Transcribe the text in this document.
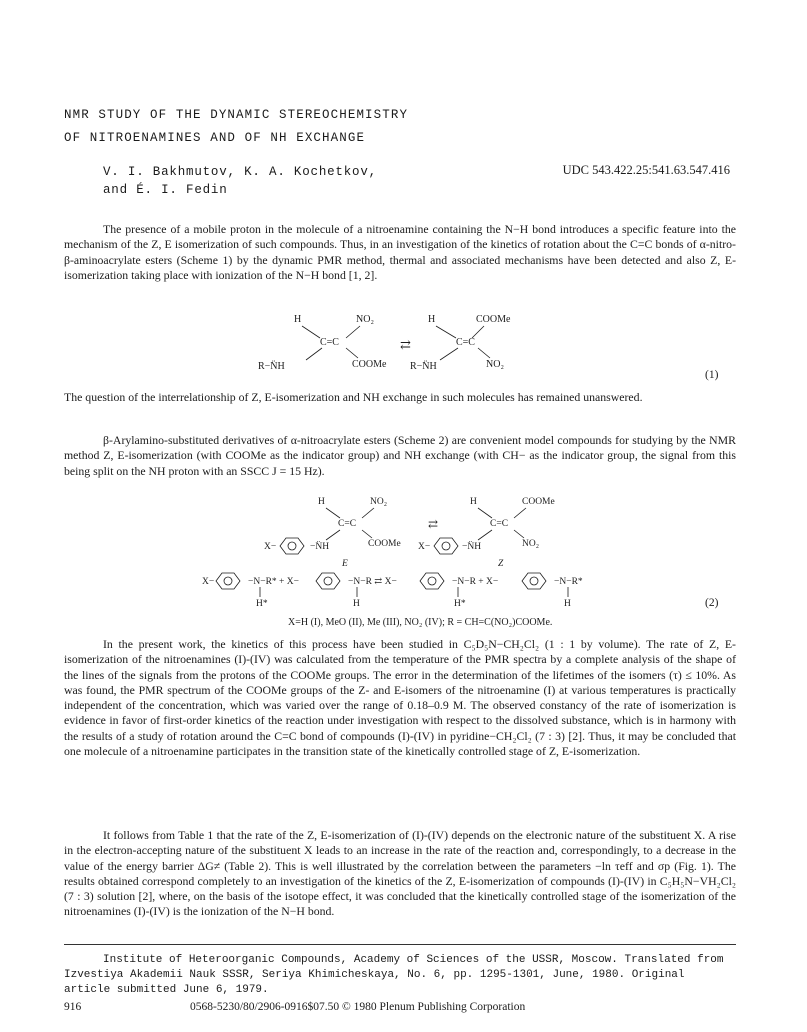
NMR STUDY OF THE DYNAMIC STEREOCHEMISTRY
OF NITROENAMINES AND OF NH EXCHANGE
V. I. Bakhmutov, K. A. Kochetkov,
and É. I. Fedin
UDC 543.422.25:541.63.547.416

The presence of a mobile proton in the molecule of a nitroenamine containing the N−H bond introduces a specific feature into the mechanism of the Z, E isomerization of such compounds. Thus, in an investigation of the kinetics of rotation about the C=C bonds of α-nitro-β-aminoacrylate esters (Scheme 1) by the dynamic PMR method, thermal and associated mechanisms have been detected and also Z, E-isomerization taking place with ionization of the N−H bond [1, 2].

H	NO₂
C=C
R−N̈H	COOMe
⇄
H	COOMe
C=C
R−N̈H	NO₂
(1)

The question of the interrelationship of Z, E-isomerization and NH exchange in such molecules has remained unanswered.

β-Arylamino-substituted derivatives of α-nitroacrylate esters (Scheme 2) are convenient model compounds for studying by the NMR method Z, E-isomerization (with COOMe as the indicator group) and NH exchange (with CH− as the indicator group, the signal from this being split on the NH proton with an SSCC J = 15 Hz).

H	NO₂
C=C
X−	−N̈H	COOMe
E
⇄
H	COOMe
C=C
X−	−N̈H	NO₂
Z
X−	−N−R* + X−	−N−R ⇄ X−	−N−R + X−	−N−R*
H*	H*
H	H
X=H (I), MeO (II), Me (III), NO₂ (IV); R = CH=C(NO₂)COOMe.
(2)

In the present work, the kinetics of this process have been studied in C₅D₅N−CH₂Cl₂ (1 : 1 by volume). The rate of Z, E-isomerization of the nitroenamines (I)-(IV) was calculated from the temperature of the PMR spectra by a complete analysis of the shape of the lines of the signals from the protons of the COOMe groups. The error in the determination of the lifetimes of the isomers (τ) ≤ 10%. As was found, the PMR spectrum of the COOMe groups of the Z- and E-isomers of the nitroenamine (I) at various temperatures is practically independent of the concentration, which was varied over the range of 0.18–0.9 M. The observed constancy of the rate of isomerization is evidence in favor of first-order kinetics of the reaction under investigation with respect to the dissolved substance, which is in harmony with the results of a study of rotation around the C=C bond of compounds (I)-(IV) in pyridine−CH₂Cl₂ (7 : 3) [2]. Thus, it may be concluded that one molecule of a nitroenamine participates in the transition state of the kinetically controlled stage of Z, E-isomerization.

It follows from Table 1 that the rate of the Z, E-isomerization of (I)-(IV) depends on the electronic nature of the substituent X. A rise in the electron-accepting nature of the substituent X leads to an increase in the rate of the reaction and, correspondingly, to a decrease in the value of the energy barrier ΔG≠ (Table 2). This is well illustrated by the correlation between the parameters −ln τeff and σp (Fig. 1). The results obtained correspond completely to an investigation of the kinetics of the Z, E-isomerization of compounds (I)-(IV) in C₅H₅N−VH₂Cl₂ (7 : 3) solution [2], where, on the basis of the isotope effect, it was concluded that the kinetically controlled stage of the isomerization of the nitroenamines (I)-(IV) is the ionization of the N−H bond.

Institute of Heteroorganic Compounds, Academy of Sciences of the USSR, Moscow. Translated from Izvestiya Akademii Nauk SSSR, Seriya Khimicheskaya, No. 6, pp. 1295-1301, June, 1980. Original article submitted June 6, 1979.

916	0568-5230/80/2906-0916$07.50 © 1980 Plenum Publishing Corporation
